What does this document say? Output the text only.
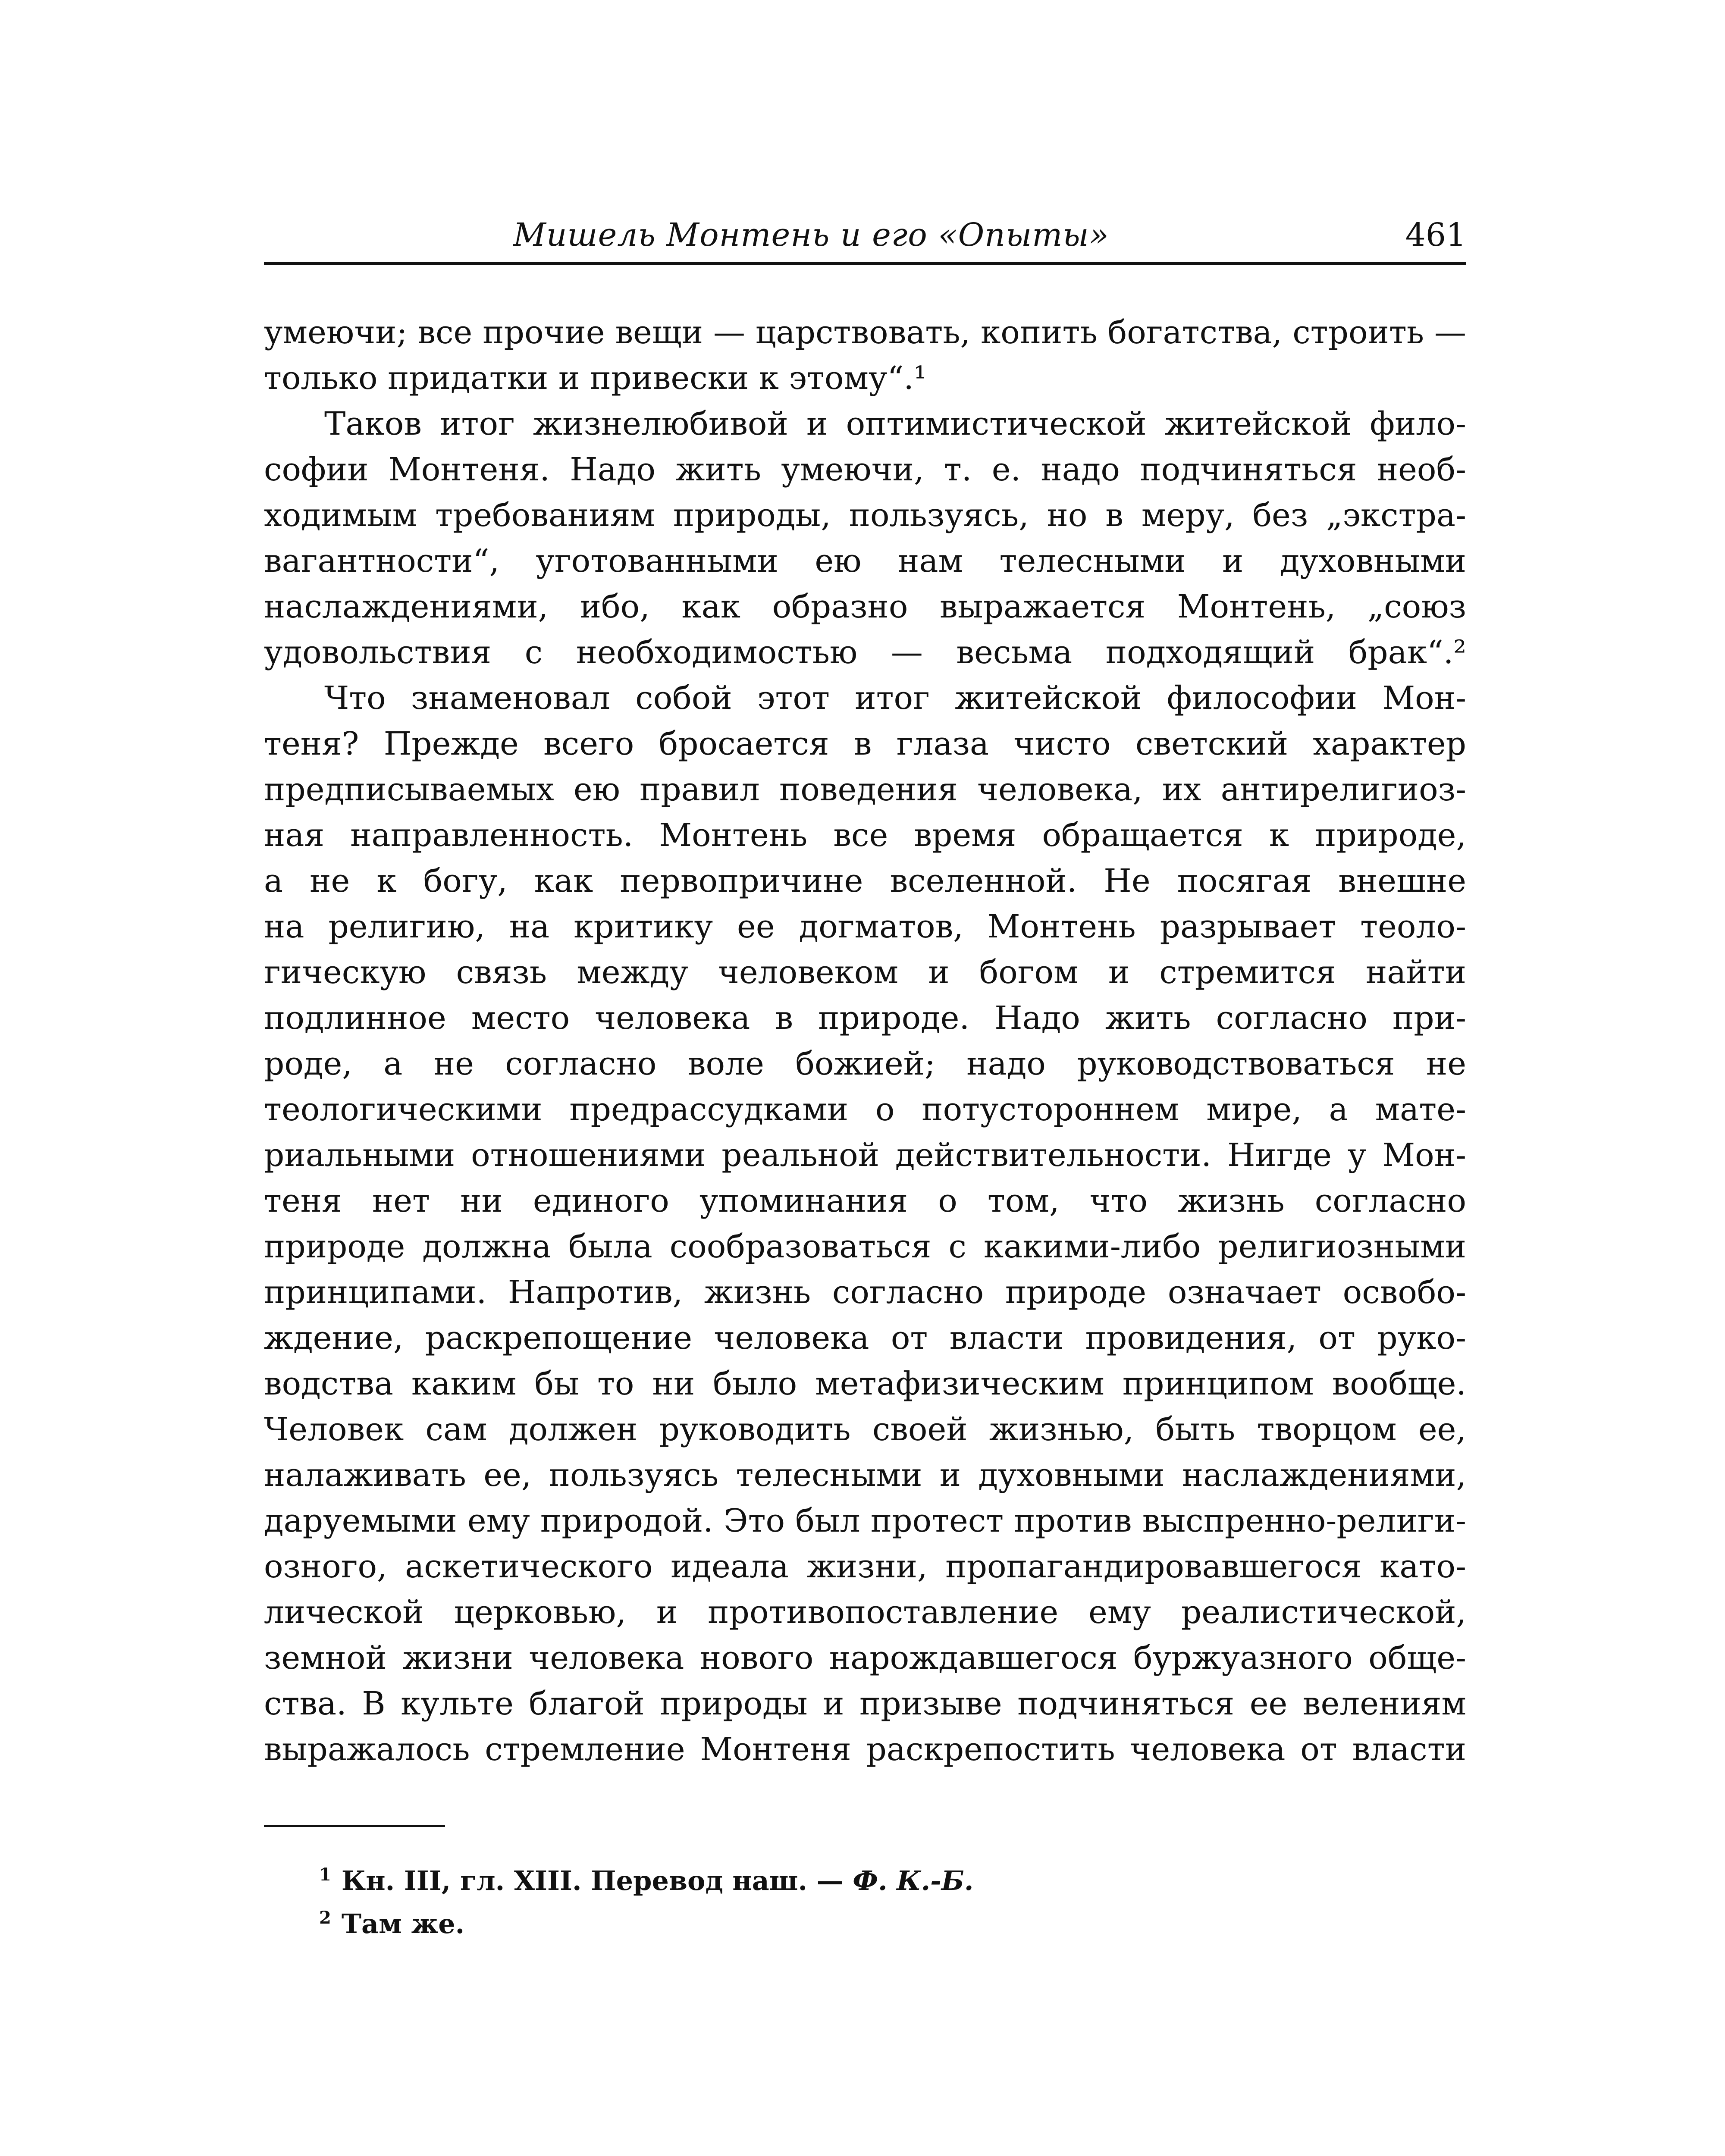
Мишель Монтень и его «Опыты»	461
умеючи; все прочие вещи — царствовать, копить богатства, строить —
только придатки и привески к этому“.¹
Таков итог жизнелюбивой и оптимистической житейской фило-
софии Монтеня. Надо жить умеючи, т. е. надо подчиняться необ-
ходимым требованиям природы, пользуясь, но в меру, без „экстра-
вагантности“, уготованными ею нам телесными и духовными
наслаждениями, ибо, как образно выражается Монтень, „союз
удовольствия с необходимостью — весьма подходящий брак“.²
Что знаменовал собой этот итог житейской философии Мон-
теня? Прежде всего бросается в глаза чисто светский характер
предписываемых ею правил поведения человека, их антирелигиоз-
ная направленность. Монтень все время обращается к природе,
а не к богу, как первопричине вселенной. Не посягая внешне
на религию, на критику ее догматов, Монтень разрывает теоло-
гическую связь между человеком и богом и стремится найти
подлинное место человека в природе. Надо жить согласно при-
роде, а не согласно воле божией; надо руководствоваться не
теологическими предрассудками о потустороннем мире, а мате-
риальными отношениями реальной действительности. Нигде у Мон-
теня нет ни единого упоминания о том, что жизнь согласно
природе должна была сообразоваться с какими-либо религиозными
принципами. Напротив, жизнь согласно природе означает освобо-
ждение, раскрепощение человека от власти провидения, от руко-
водства каким бы то ни было метафизическим принципом вообще.
Человек сам должен руководить своей жизнью, быть творцом ее,
налаживать ее, пользуясь телесными и духовными наслаждениями,
даруемыми ему природой. Это был протест против выспренно-религи-
озного, аскетического идеала жизни, пропагандировавшегося като-
лической церковью, и противопоставление ему реалистической,
земной жизни человека нового нарождавшегося буржуазного обще-
ства. В культе благой природы и призыве подчиняться ее велениям
выражалось стремление Монтеня раскрепостить человека от власти
$^1$ Кн. III, гл. XIII. Перевод наш. — Ф. К.-Б.
$^2$ Там же.
